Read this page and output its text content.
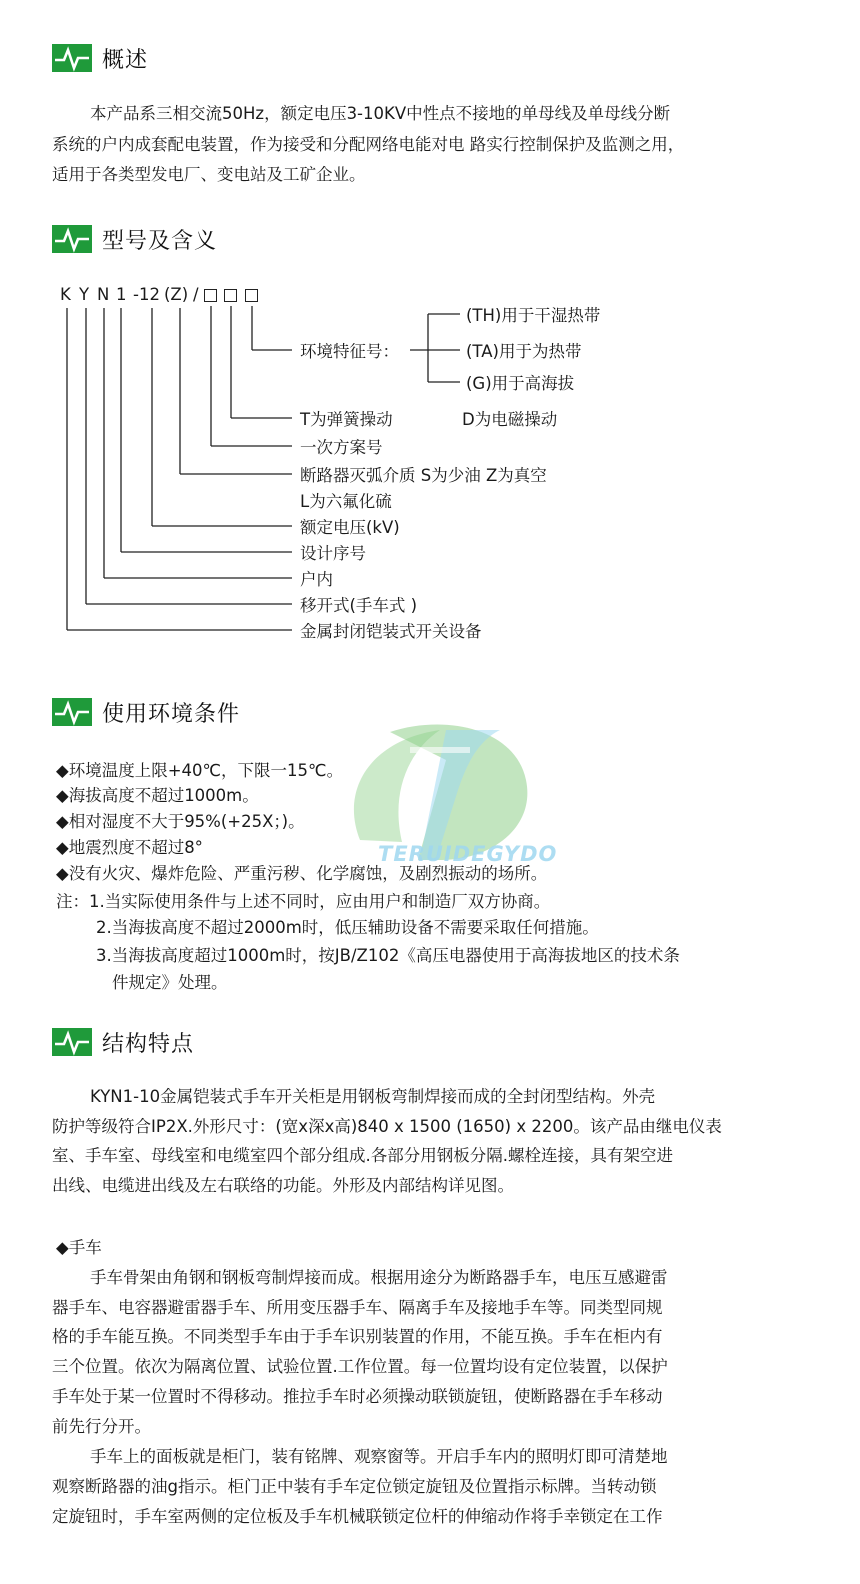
概述
本产品系三相交流50Hz，额定电压3-10KV中性点不接地的单母线及单母线分断
系统的户内成套配电装置，作为接受和分配网络电能对电 路实行控制保护及监测之用，
适用于各类型发电厂、变电站及工矿企业。
型号及含义
K Y N 1 -12 (Z) /
环境特征号：
(TH)用于干湿热带
(TA)用于为热带
(G)用于高海拔
T为弹簧操动	D为电磁操动
一次方案号
断路器灭弧介质 S为少油 Z为真空
L为六氟化硫
额定电压(kV)
设计序号
户内
移开式(手车式 )
金属封闭铠装式开关设备
使用环境条件
TERUIDEGYDO
◆环境温度上限+40℃，下限一15℃。
◆海拔高度不超过1000m。
◆相对湿度不大于95%(+25X；)。
◆地震烈度不超过8°
◆没有火灾、爆炸危险、严重污秽、化学腐蚀，及剧烈振动的场所。
注：1.当实际使用条件与上述不同时，应由用户和制造厂双方协商。
2.当海拔高度不超过2000m时，低压辅助设备不需要采取任何措施。
3.当海拔高度超过1000m时，按JB/Z102《高压电器使用于高海拔地区的技术条
件规定》处理。
结构特点
KYN1-10金属铠装式手车开关柜是用钢板弯制焊接而成的全封闭型结构。外壳
防护等级符合IP2X.外形尺寸：(宽x深x高)840 x 1500 (1650) x 2200。该产品由继电仪表
室、手车室、母线室和电缆室四个部分组成.各部分用钢板分隔.螺栓连接，具有架空进
出线、电缆进出线及左右联络的功能。外形及内部结构详见图。
◆手车
手车骨架由角钢和钢板弯制焊接而成。根据用途分为断路器手车，电压互感避雷
器手车、电容器避雷器手车、所用变压器手车、隔离手车及接地手车等。同类型同规
格的手车能互换。不同类型手车由于手车识别装置的作用，不能互换。手车在柜内有
三个位置。依次为隔离位置、试验位置.工作位置。每一位置均设有定位装置，以保护
手车处于某一位置时不得移动。推拉手车时必须操动联锁旋钮，使断路器在手车移动
前先行分开。
手车上的面板就是柜门，装有铭牌、观察窗等。开启手车内的照明灯即可清楚地
观察断路器的油g指示。柜门正中装有手车定位锁定旋钮及位置指示标牌。当转动锁
定旋钮时，手车室两侧的定位板及手车机械联锁定位杆的伸缩动作将手幸锁定在工作
